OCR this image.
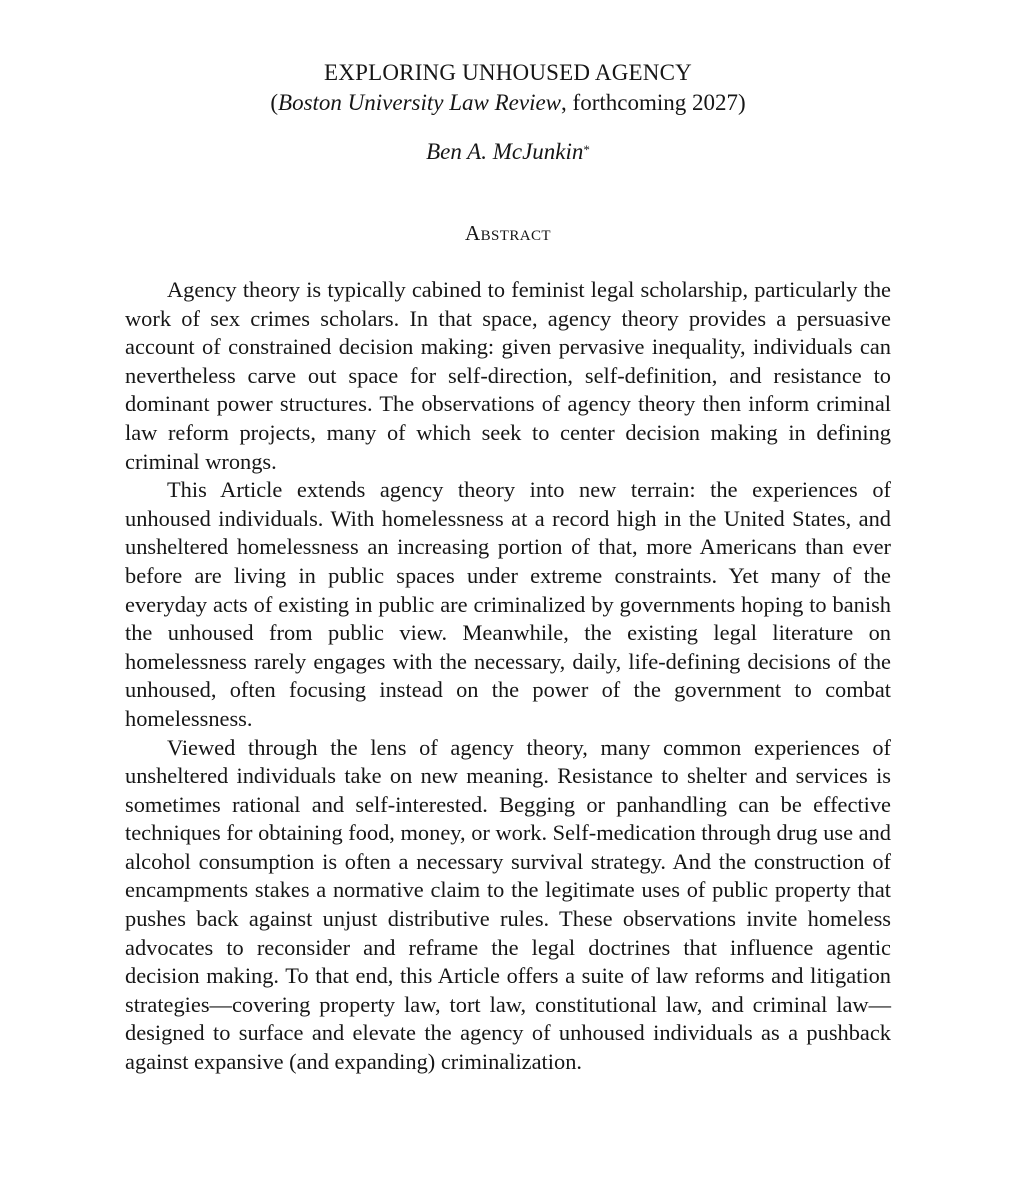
EXPLORING UNHOUSED AGENCY

(Boston University Law Review, forthcoming 2027)

Ben A. McJunkin*

Abstract

Agency theory is typically cabined to feminist legal scholarship, particularly the work of sex crimes scholars. In that space, agency theory provides a persuasive account of constrained decision making: given pervasive inequality, individuals can nevertheless carve out space for self-direction, self-definition, and resistance to dominant power structures. The observations of agency theory then inform criminal law reform projects, many of which seek to center decision making in defining criminal wrongs.

This Article extends agency theory into new terrain: the experiences of unhoused individuals. With homelessness at a record high in the United States, and unsheltered homelessness an increasing portion of that, more Americans than ever before are living in public spaces under extreme constraints. Yet many of the everyday acts of existing in public are criminalized by governments hoping to banish the unhoused from public view. Meanwhile, the existing legal literature on homelessness rarely engages with the necessary, daily, life-defining decisions of the unhoused, often focusing instead on the power of the government to combat homelessness.

Viewed through the lens of agency theory, many common experiences of unsheltered individuals take on new meaning. Resistance to shelter and services is sometimes rational and self-interested. Begging or panhandling can be effective techniques for obtaining food, money, or work. Self-medication through drug use and alcohol consumption is often a necessary survival strategy. And the construction of encampments stakes a normative claim to the legitimate uses of public property that pushes back against unjust distributive rules. These observations invite homeless advocates to reconsider and reframe the legal doctrines that influence agentic decision making. To that end, this Article offers a suite of law reforms and litigation strategies—covering property law, tort law, constitutional law, and criminal law—designed to surface and elevate the agency of unhoused individuals as a pushback against expansive (and expanding) criminalization.
